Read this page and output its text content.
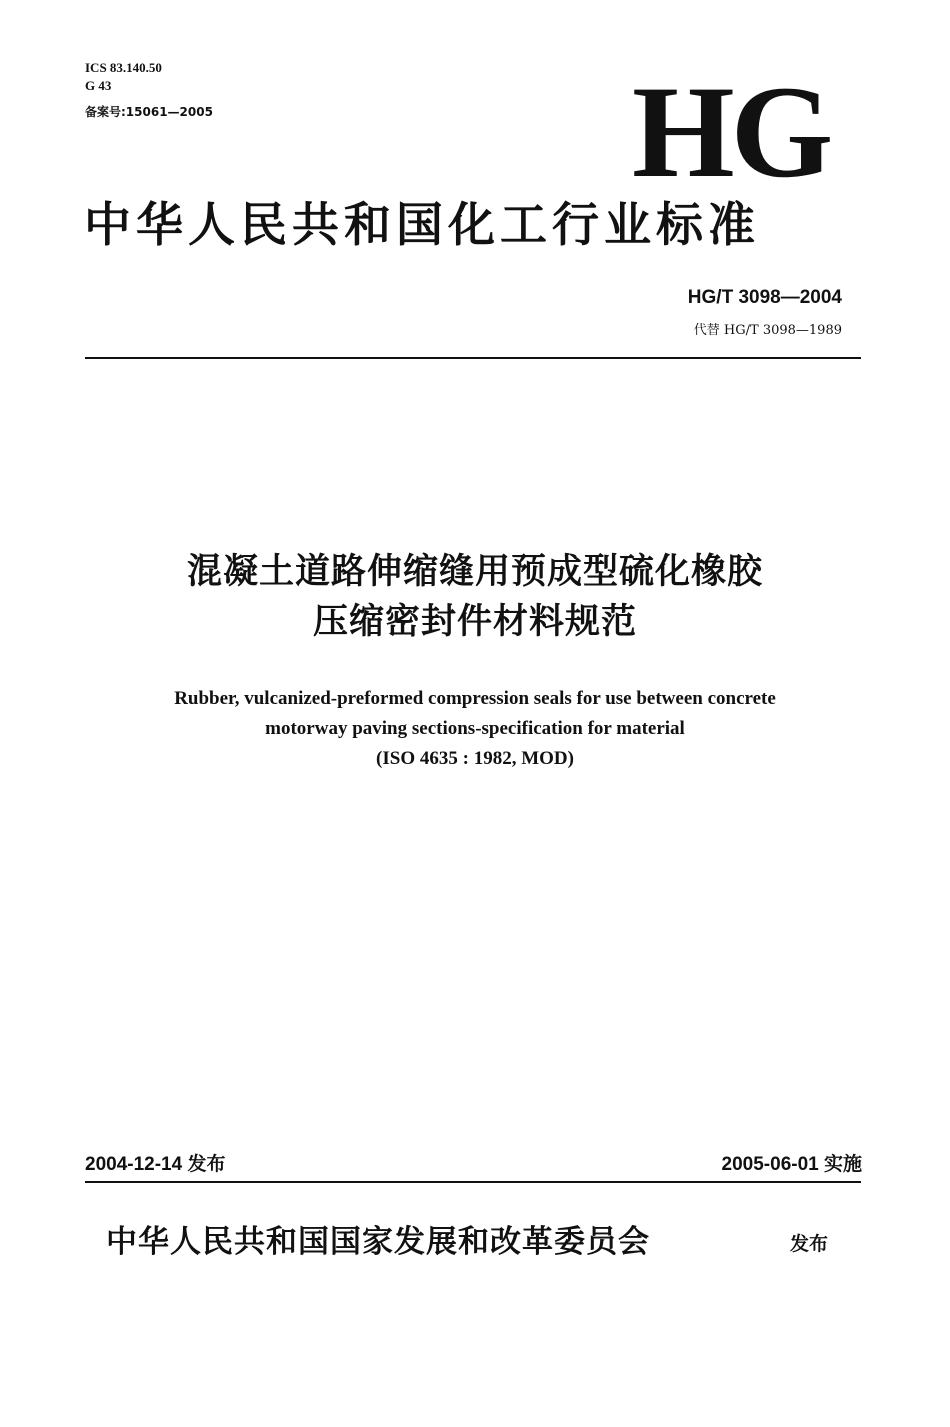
ICS 83.140.50
G 43
备案号:15061—2005	HG
中华人民共和国化工行业标准
HG/T 3098—2004
代替 HG/T 3098—1989
混凝土道路伸缩缝用预成型硫化橡胶
压缩密封件材料规范
Rubber, vulcanized-preformed compression seals for use between concrete
motorway paving sections-specification for material
(ISO 4635 : 1982, MOD)
2004-12-14 发布	2005-06-01 实施
中华人民共和国国家发展和改革委员会	发布
